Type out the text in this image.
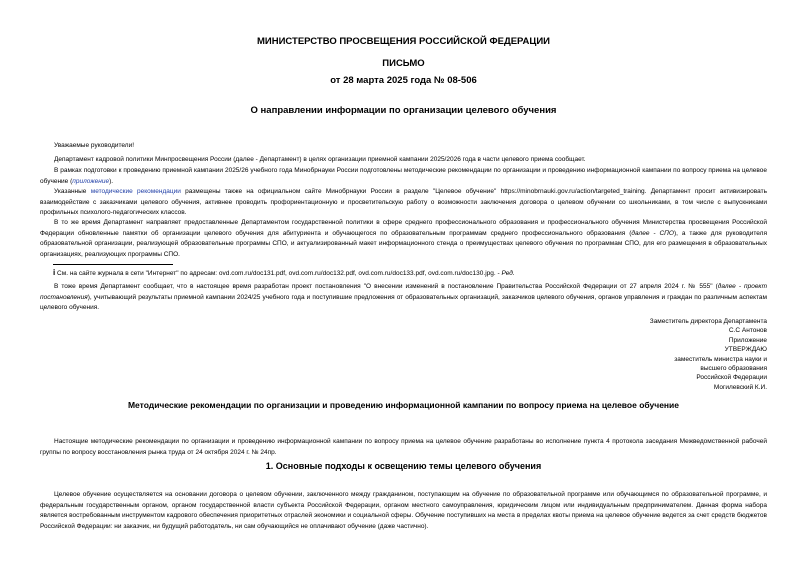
МИНИСТЕРСТВО ПРОСВЕЩЕНИЯ РОССИЙСКОЙ ФЕДЕРАЦИИ
ПИСЬМО
от 28 марта 2025 года № 08-506
О направлении информации по организации целевого обучения

Уважаемые руководители!

Департамент кадровой политики Минпросвещения России (далее - Департамент) в целях организации приемной кампании 2025/2026 года в части целевого приема сообщает.

В рамках подготовки к проведению приемной кампании 2025/26 учебного года Минобрнауки России подготовлены методические рекомендации по организации и проведению информационной кампании по вопросу приема на целевое обучение (приложение).

Указанные методические рекомендации размещены также на официальном сайте Минобрнауки России в разделе "Целевое обучение" https://minobrnauki.gov.ru/action/targeted_training. Департамент просит активизировать взаимодействие с заказчиками целевого обучения, активнее проводить профориентационную и просветительскую работу о возможности заключения договора о целевом обучении со школьниками, в том числе с выпускниками профильных психолого-педагогических классов.

В то же время Департамент направляет предоставленные Департаментом государственной политики в сфере среднего профессионального образования и профессионального обучения Министерства просвещения Российской Федерации обновленные памятки об организации целевого обучения для абитуриента и обучающегося по образовательным программам среднего профессионального образования (далее - СПО), а также для руководителя образовательной организации, реализующей образовательные программы СПО, и актуализированный макет информационного стенда о преимуществах целевого обучения по программам СПО, для его размещения в образовательных организациях, реализующих программы СПО.

i См. на сайте журнала в сети "Интернет" по адресам: ovd.com.ru/doc131.pdf, ovd.com.ru/doc132.pdf, ovd.com.ru/doc133.pdf, ovd.com.ru/doc130.jpg. - Ред.

В тоже время Департамент сообщает, что в настоящее время разработан проект постановления "О внесении изменений в постановление Правительства Российской Федерации от 27 апреля 2024 г. № 555" (далее - проект постановления), учитывающий результаты приемной кампании 2024/25 учебного года и поступившие предложения от образовательных организаций, заказчиков целевого обучения, органов управления и граждан по различным аспектам целевого обучения.

Заместитель директора Департамента
С.С Антонов
Приложение
УТВЕРЖДАЮ
заместитель министра науки и
высшего образования
Российской Федерации
Могилевский К.И.
Методические рекомендации по организации и проведению информационной кампании по вопросу приема на целевое обучение

Настоящие методические рекомендации по организации и проведению информационной кампании по вопросу приема на целевое обучение разработаны во исполнение пункта 4 протокола заседания Межведомственной рабочей группы по вопросу восстановления рынка труда от 24 октября 2024 г. № 24пр.

1. Основные подходы к освещению темы целевого обучения

Целевое обучение осуществляется на основании договора о целевом обучении, заключенного между гражданином, поступающим на обучение по образовательной программе или обучающимся по образовательной программе, и федеральным государственным органом, органом государственной власти субъекта Российской Федерации, органом местного самоуправления, юридическим лицом или индивидуальным предпринимателем. Данная форма набора является востребованным инструментом кадрового обеспечения приоритетных отраслей экономики и социальной сферы. Обучение поступивших на места в пределах квоты приема на целевое обучение ведется за счет средств бюджетов Российской Федерации: ни заказчик, ни будущий работодатель, ни сам обучающийся не оплачивают обучение (даже частично).
